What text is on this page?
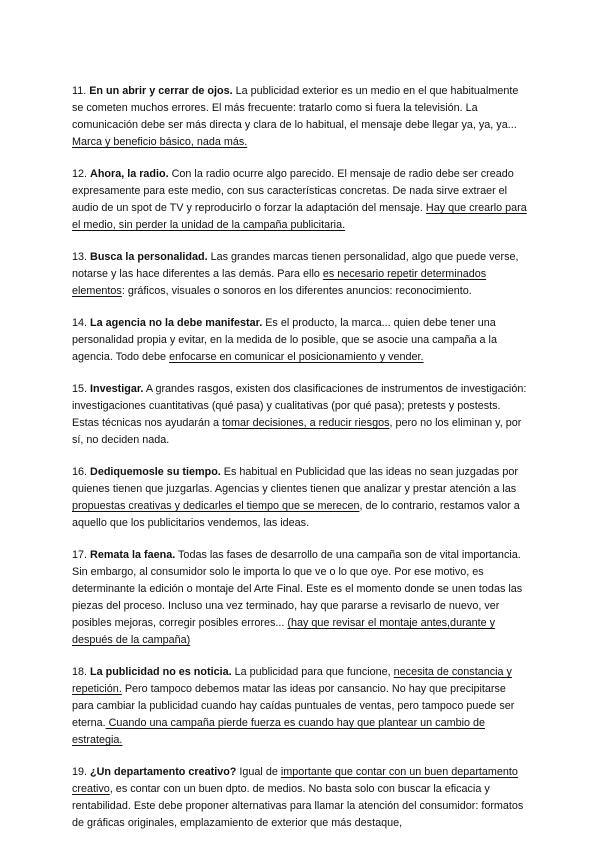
11. En un abrir y cerrar de ojos. La publicidad exterior es un medio en el que habitualmente se cometen muchos errores. El más frecuente: tratarlo como si fuera la televisión. La comunicación debe ser más directa y clara de lo habitual, el mensaje debe llegar ya, ya, ya... Marca y beneficio básico, nada más.

12. Ahora, la radio. Con la radio ocurre algo parecido. El mensaje de radio debe ser creado expresamente para este medio, con sus características concretas. De nada sirve extraer el audio de un spot de TV y reproducirlo o forzar la adaptación del mensaje. Hay que crearlo para el medio, sin perder la unidad de la campaña publicitaria.

13. Busca la personalidad. Las grandes marcas tienen personalidad, algo que puede verse, notarse y las hace diferentes a las demás. Para ello es necesario repetir determinados elementos: gráficos, visuales o sonoros en los diferentes anuncios: reconocimiento.

14. La agencia no la debe manifestar. Es el producto, la marca... quien debe tener una personalidad propia y evitar, en la medida de lo posible, que se asocie una campaña a la agencia. Todo debe enfocarse en comunicar el posicionamiento y vender.

15. Investigar. A grandes rasgos, existen dos clasificaciones de instrumentos de investigación: investigaciones cuantitativas (qué pasa) y cualitativas (por qué pasa); pretests y postests. Estas técnicas nos ayudarán a tomar decisiones, a reducir riesgos, pero no los eliminan y, por sí, no deciden nada.

16. Dediquemosle su tiempo. Es habitual en Publicidad que las ideas no sean juzgadas por quienes tienen que juzgarlas. Agencias y clientes tienen que analizar y prestar atención a las propuestas creativas y dedicarles el tiempo que se merecen, de lo contrario, restamos valor a aquello que los publicitarios vendemos, las ideas.

17. Remata la faena. Todas las fases de desarrollo de una campaña son de vital importancia. Sin embargo, al consumidor solo le importa lo que ve o lo que oye. Por ese motivo, es determinante la edición o montaje del Arte Final. Este es el momento donde se unen todas las piezas del proceso. Incluso una vez terminado, hay que pararse a revisarlo de nuevo, ver posibles mejoras, corregir posibles errores... (hay que revisar el montaje antes,durante y después de la campaña)

18. La publicidad no es noticia. La publicidad para que funcione, necesita de constancia y repetición. Pero tampoco debemos matar las ideas por cansancio. No hay que precipitarse para cambiar la publicidad cuando hay caídas puntuales de ventas, pero tampoco puede ser eterna. Cuando una campaña pierde fuerza es cuando hay que plantear un cambio de estrategia.

19. ¿Un departamento creativo? Igual de importante que contar con un buen departamento creativo, es contar con un buen dpto. de medios. No basta solo con buscar la eficacia y rentabilidad. Este debe proponer alternativas para llamar la atención del consumidor: formatos de gráficas originales, emplazamiento de exterior que más destaque,
